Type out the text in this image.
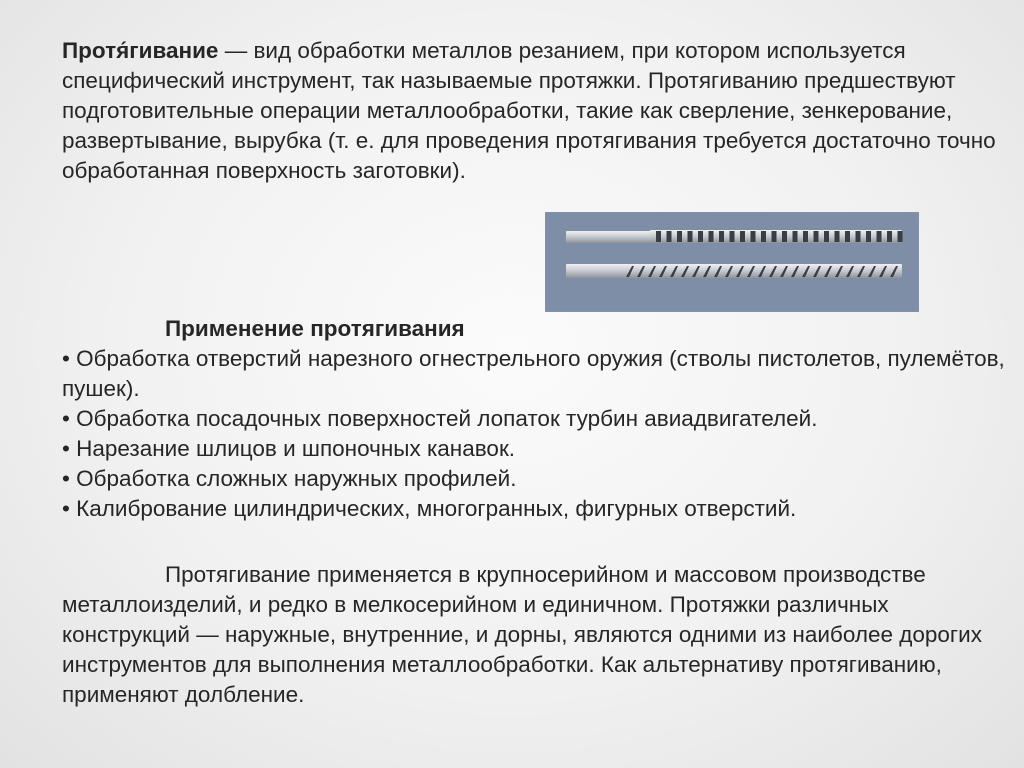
Протя́гивание — вид обработки металлов резанием, при котором используется специфический инструмент, так называемые протяжки. Протягиванию предшествуют подготовительные операции металлообработки, такие как сверление, зенкерование, развертывание, вырубка (т. е. для проведения протягивания требуется достаточно точно обработанная поверхность заготовки).

Применение протягивания

• Обработка отверстий нарезного огнестрельного оружия (стволы пистолетов, пулемётов, пушек).
• Обработка посадочных поверхностей лопаток турбин авиадвигателей.
• Нарезание шлицов и шпоночных канавок.
• Обработка сложных наружных профилей.
• Калибрование цилиндрических, многогранных, фигурных отверстий.

Протягивание применяется в крупносерийном и массовом производстве металлоизделий, и редко в мелкосерийном и единичном. Протяжки различных конструкций — наружные, внутренние, и дорны, являются одними из наиболее дорогих инструментов для выполнения металлообработки. Как альтернативу протягиванию, применяют долбление.
